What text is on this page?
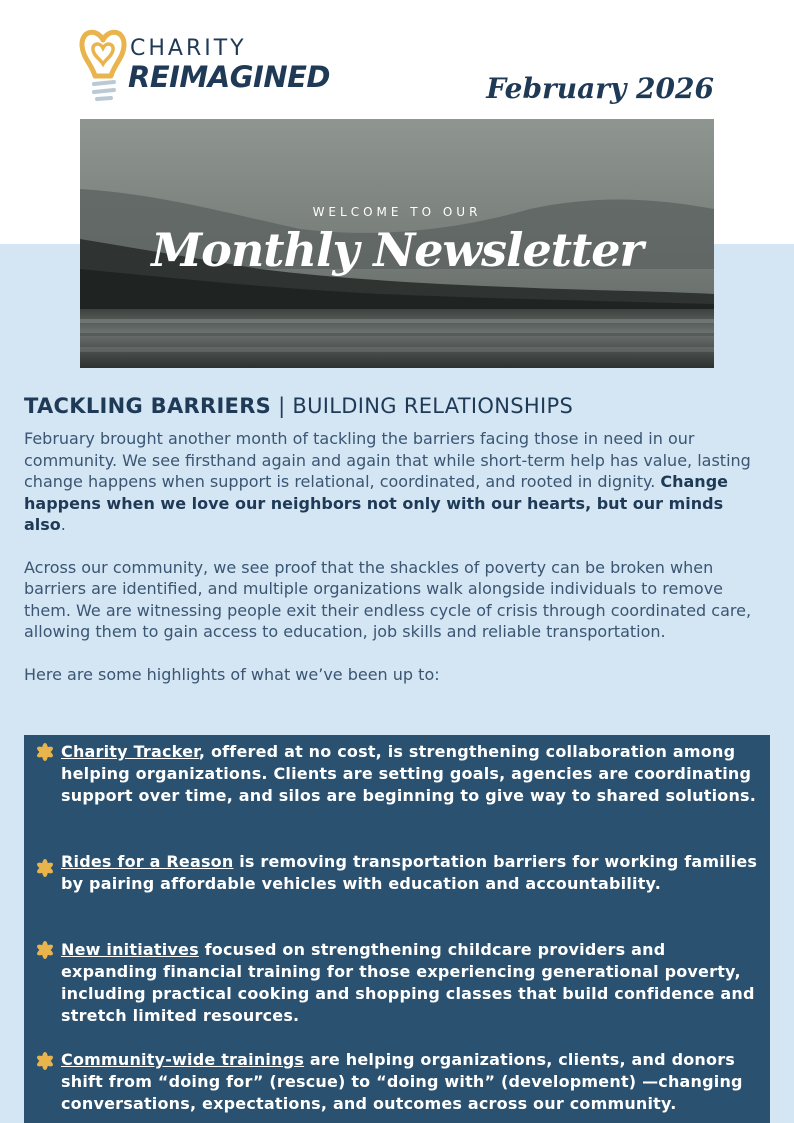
CHARITY
REIMAGINED	February 2026
WELCOME TO OUR
Monthly Newsletter
TACKLING BARRIERS | BUILDING RELATIONSHIPS

February brought another month of tackling the barriers facing those in need in our community. We see firsthand again and again that while short-term help has value, lasting change happens when support is relational, coordinated, and rooted in dignity. Change happens when we love our neighbors not only with our hearts, but our minds also.

Across our community, we see proof that the shackles of poverty can be broken when barriers are identified, and multiple organizations walk alongside individuals to remove them. We are witnessing people exit their endless cycle of crisis through coordinated care, allowing them to gain access to education, job skills and reliable transportation.

Here are some highlights of what we’ve been up to:

Charity Tracker, offered at no cost, is strengthening collaboration among helping organizations. Clients are setting goals, agencies are coordinating support over time, and silos are beginning to give way to shared solutions.
Rides for a Reason is removing transportation barriers for working families by pairing affordable vehicles with education and accountability.
New initiatives focused on strengthening childcare providers and expanding financial training for those experiencing generational poverty, including practical cooking and shopping classes that build confidence and stretch limited resources.
Community-wide trainings are helping organizations, clients, and donors shift from “doing for” (rescue) to “doing with” (development) —changing conversations, expectations, and outcomes across our community.
